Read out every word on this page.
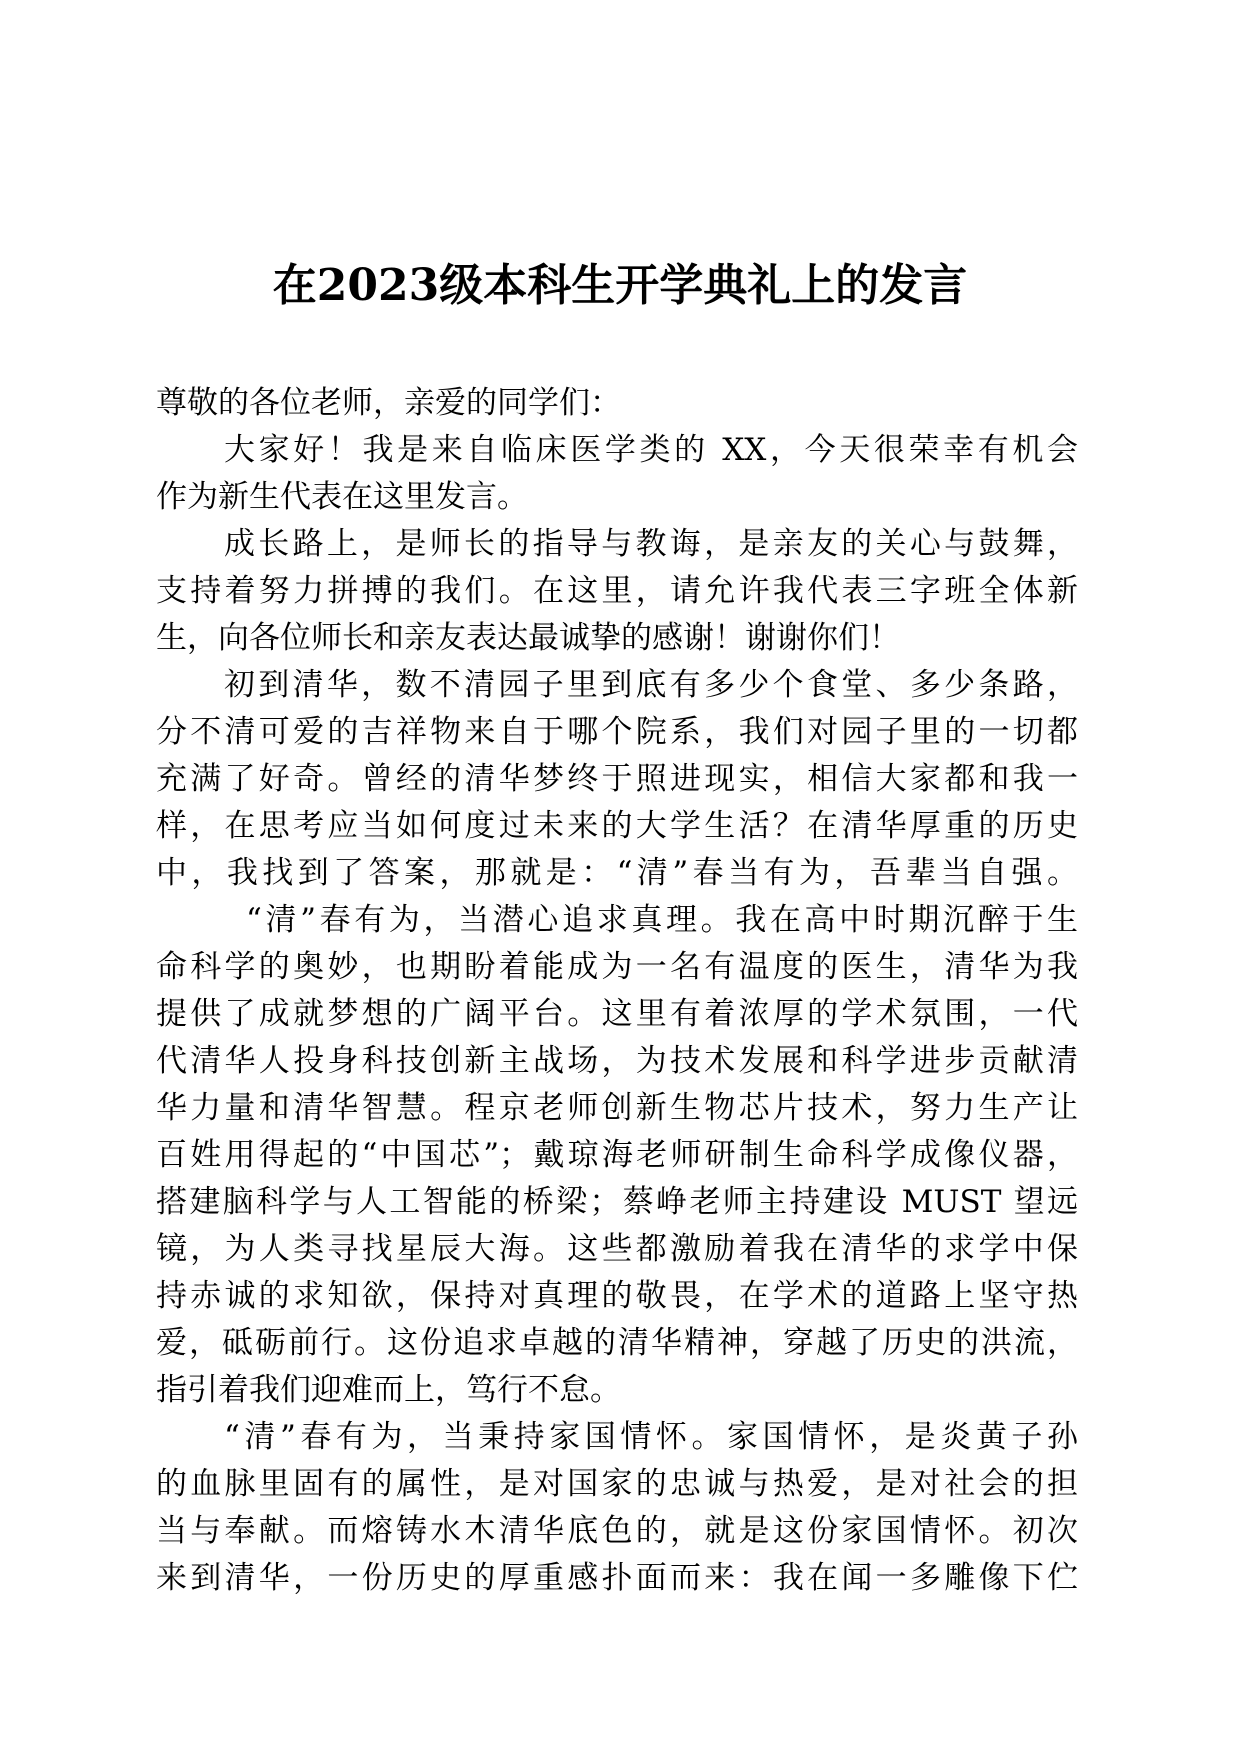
在2023级本科生开学典礼上的发言
尊敬的各位老师，亲爱的同学们：
大家好！我是来自临床医学类的 XX，今天很荣幸有机会
作为新生代表在这里发言。
成长路上，是师长的指导与教诲，是亲友的关心与鼓舞，
支持着努力拼搏的我们。在这里，请允许我代表三字班全体新
生，向各位师长和亲友表达最诚挚的感谢！谢谢你们！
初到清华，数不清园子里到底有多少个食堂、多少条路，
分不清可爱的吉祥物来自于哪个院系，我们对园子里的一切都
充满了好奇。曾经的清华梦终于照进现实，相信大家都和我一
样，在思考应当如何度过未来的大学生活？在清华厚重的历史
中，我找到了答案，那就是：“清”春当有为，吾辈当自强。
“清”春有为，当潜心追求真理。我在高中时期沉醉于生
命科学的奥妙，也期盼着能成为一名有温度的医生，清华为我
提供了成就梦想的广阔平台。这里有着浓厚的学术氛围，一代
代清华人投身科技创新主战场，为技术发展和科学进步贡献清
华力量和清华智慧。程京老师创新生物芯片技术，努力生产让
百姓用得起的“中国芯”；戴琼海老师研制生命科学成像仪器，
搭建脑科学与人工智能的桥梁；蔡峥老师主持建设 MUST 望远
镜，为人类寻找星辰大海。这些都激励着我在清华的求学中保
持赤诚的求知欲，保持对真理的敬畏，在学术的道路上坚守热
爱，砥砺前行。这份追求卓越的清华精神，穿越了历史的洪流，
指引着我们迎难而上，笃行不怠。
“清”春有为，当秉持家国情怀。家国情怀，是炎黄子孙
的血脉里固有的属性，是对国家的忠诚与热爱，是对社会的担
当与奉献。而熔铸水木清华底色的，就是这份家国情怀。初次
来到清华，一份历史的厚重感扑面而来：我在闻一多雕像下伫
